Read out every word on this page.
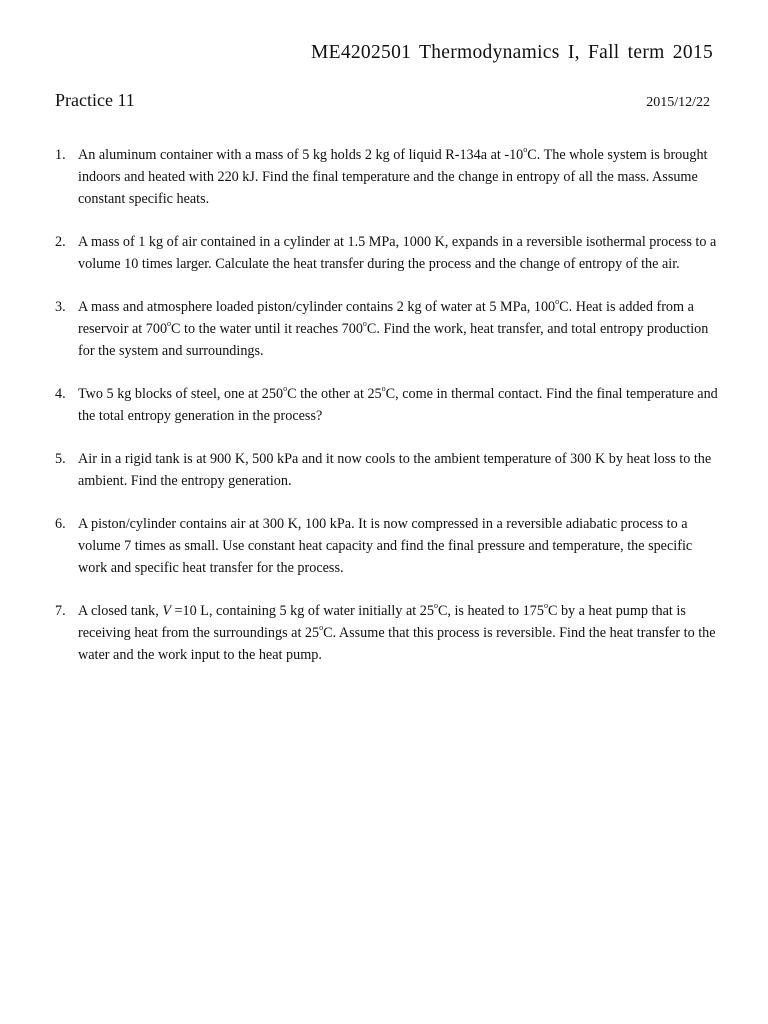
ME4202501 Thermodynamics I, Fall term 2015
Practice 11	2015/12/22
1. An aluminum container with a mass of 5 kg holds 2 kg of liquid R-134a at -10$^o$C. The whole system is brought indoors and heated with 220 kJ. Find the final temperature and the change in entropy of all the mass. Assume constant specific heats.
2. A mass of 1 kg of air contained in a cylinder at 1.5 MPa, 1000 K, expands in a reversible isothermal process to a volume 10 times larger. Calculate the heat transfer during the process and the change of entropy of the air.
3. A mass and atmosphere loaded piston/cylinder contains 2 kg of water at 5 MPa, 100$^o$C. Heat is added from a reservoir at 700$^o$C to the water until it reaches 700$^o$C. Find the work, heat transfer, and total entropy production for the system and surroundings.
4. Two 5 kg blocks of steel, one at 250$^o$C the other at 25$^o$C, come in thermal contact. Find the final temperature and the total entropy generation in the process?
5. Air in a rigid tank is at 900 K, 500 kPa and it now cools to the ambient temperature of 300 K by heat loss to the ambient. Find the entropy generation.
6. A piston/cylinder contains air at 300 K, 100 kPa. It is now compressed in a reversible adiabatic process to a volume 7 times as small. Use constant heat capacity and find the final pressure and temperature, the specific work and specific heat transfer for the process.
7. A closed tank, V =10 L, containing 5 kg of water initially at 25$^o$C, is heated to 175$^o$C by a heat pump that is receiving heat from the surroundings at 25$^o$C. Assume that this process is reversible. Find the heat transfer to the water and the work input to the heat pump.
